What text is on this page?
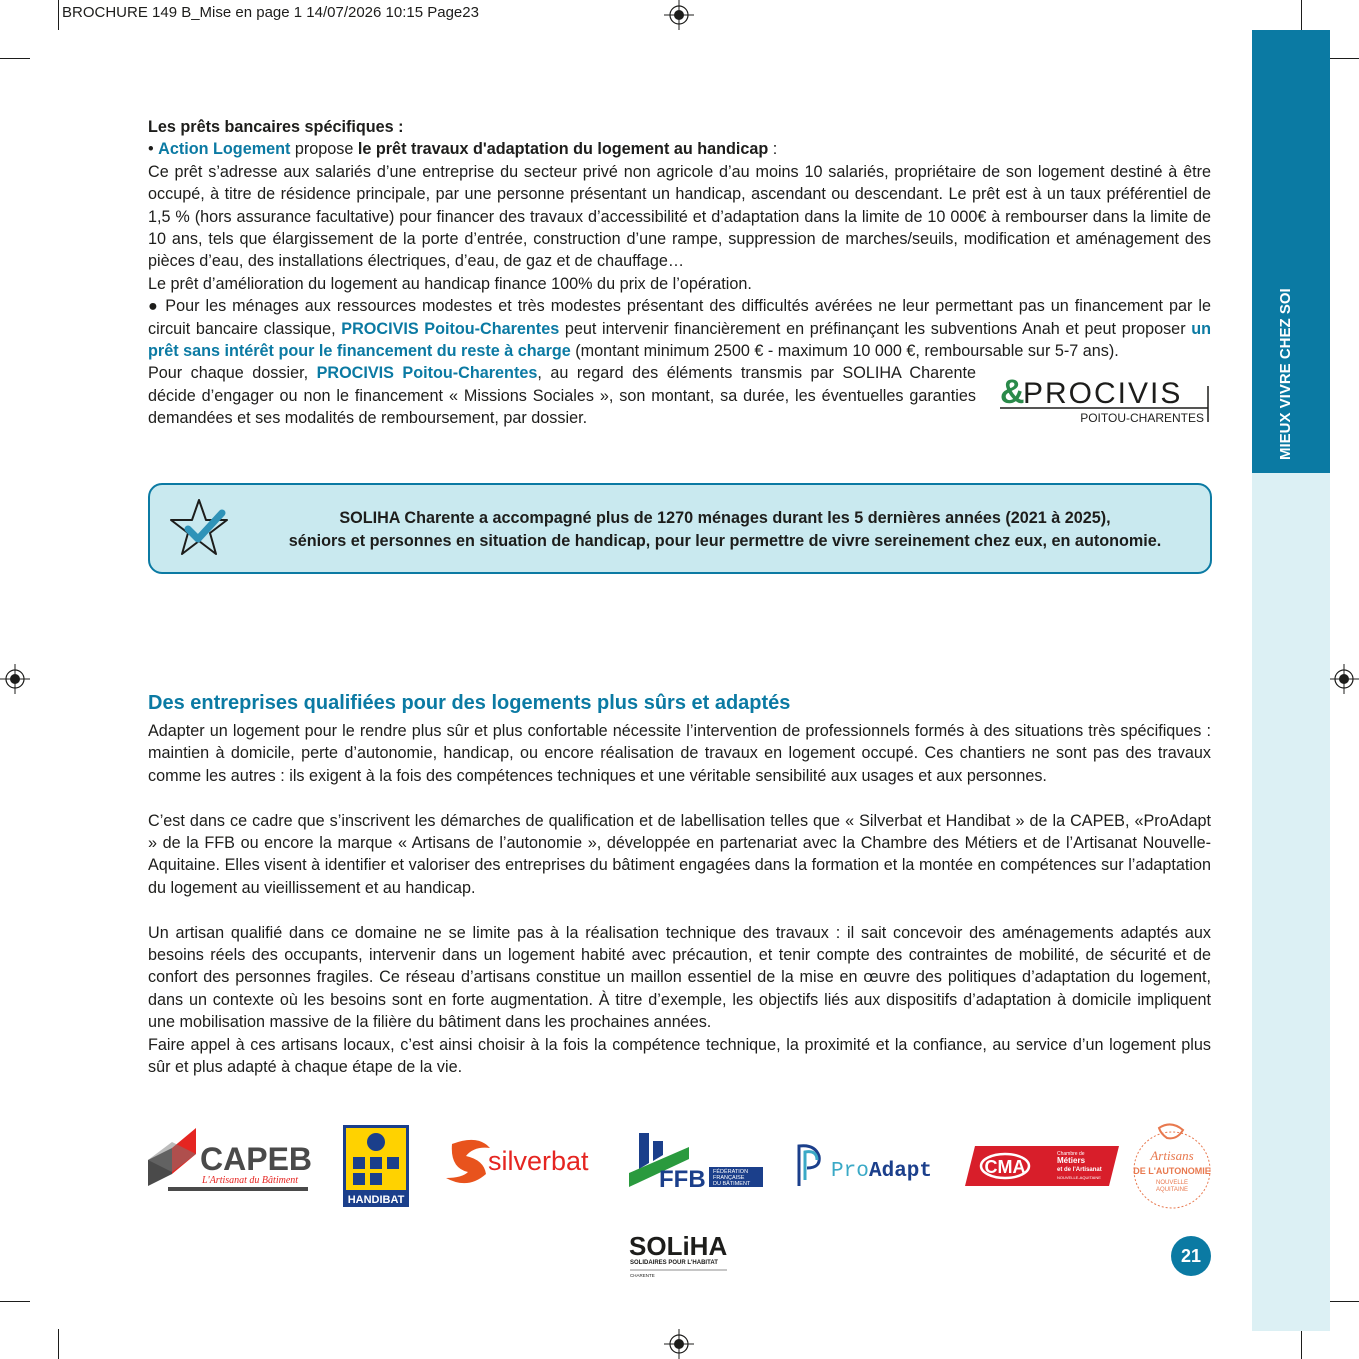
BROCHURE 149 B_Mise en page 1 14/07/2026 10:15 Page23
MIEUX VIVRE CHEZ SOI

Les prêts bancaires spécifiques :

• Action Logement propose le prêt travaux d'adaptation du logement au handicap :

Ce prêt s’adresse aux salariés d’une entreprise du secteur privé non agricole d’au moins 10 salariés, propriétaire de son logement destiné à être occupé, à titre de résidence principale, par une personne présentant un handicap, ascendant ou descendant. Le prêt est à un taux préférentiel de 1,5 % (hors assurance facultative) pour financer des travaux d’accessibilité et d’adaptation dans la limite de 10 000€ à rembourser dans la limite de 10 ans, tels que élargissement de la porte d’entrée, construction d’une rampe, suppression de marches/seuils, modification et aménagement des pièces d’eau, des installations électriques, d’eau, de gaz et de chauffage…

Le prêt d’amélioration du logement au handicap finance 100% du prix de l’opération.

● Pour les ménages aux ressources modestes et très modestes présentant des difficultés avérées ne leur permettant pas un financement par le circuit bancaire classique, PROCIVIS Poitou-Charentes peut intervenir financièrement en préfinançant les subventions Anah et peut proposer un prêt sans intérêt pour le financement du reste à charge (montant minimum 2500 € - maximum 10 000 €, remboursable sur 5-7 ans).

Pour chaque dossier, PROCIVIS Poitou-Charentes, au regard des éléments transmis par SOLIHA Charente décide d’engager ou non le financement « Missions Sociales », son montant, sa durée, les éventuelles garanties demandées et ses modalités de remboursement, par dossier.

&
PROCIVIS
POITOU-CHARENTES
SOLIHA Charente a accompagné plus de 1270 ménages durant les 5 dernières années (2021 à 2025),
séniors et personnes en situation de handicap, pour leur permettre de vivre sereinement chez eux, en autonomie.
Des entreprises qualifiées pour des logements plus sûrs et adaptés

Adapter un logement pour le rendre plus sûr et plus confortable nécessite l’intervention de professionnels formés à des situations très spécifiques : maintien à domicile, perte d’autonomie, handicap, ou encore réalisation de travaux en logement occupé. Ces chantiers ne sont pas des travaux comme les autres : ils exigent à la fois des compétences techniques et une véritable sensibilité aux usages et aux personnes.

C’est dans ce cadre que s’inscrivent les démarches de qualification et de labellisation telles que « Silverbat et Handibat » de la CAPEB, «ProAdapt » de la FFB ou encore la marque « Artisans de l’autonomie », développée en partenariat avec la Chambre des Métiers et de l’Artisanat Nouvelle-Aquitaine. Elles visent à identifier et valoriser des entreprises du bâtiment engagées dans la formation et la montée en compétences sur l’adaptation du logement au vieillissement et au handicap.

Un artisan qualifié dans ce domaine ne se limite pas à la réalisation technique des travaux : il sait concevoir des aménagements adaptés aux besoins réels des occupants, intervenir dans un logement habité avec précaution, et tenir compte des contraintes de mobilité, de sécurité et de confort des personnes fragiles. Ce réseau d’artisans constitue un maillon essentiel de la mise en œuvre des politiques d’adaptation du logement, dans un contexte où les besoins sont en forte augmentation. À titre d’exemple, les objectifs liés aux dispositifs d’adaptation à domicile impliquent une mobilisation massive de la filière du bâtiment dans les prochaines années.

Faire appel à ces artisans locaux, c’est ainsi choisir à la fois la compétence technique, la proximité et la confiance, au service d’un logement plus sûr et plus adapté à chaque étape de la vie.

CAPEB
L'Artisanat du Bâtiment
HANDIBAT
silverbat
FFB FÉDÉRATION
FRANÇAISE
DU BÂTIMENT
Pro Adapt	CMA
Chambre de
Métiers
et de l'Artisanat
NOUVELLE-AQUITAINE
Artisans
DE L'AUTONOMIE
NOUVELLE
AQUITAINE
SOLiHA
SOLIDAIRES POUR L'HABITAT
CHARENTE
21
